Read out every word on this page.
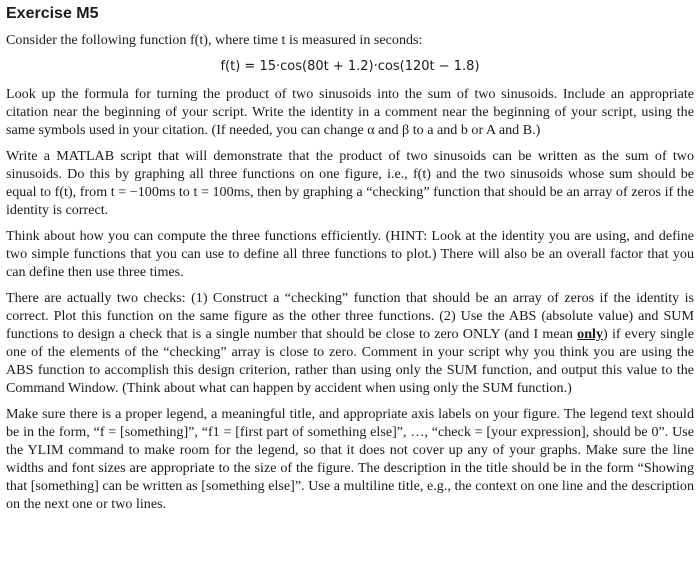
Exercise M5

Consider the following function f(t), where time t is measured in seconds:

f(t) = 15·cos(80t + 1.2)·cos(120t − 1.8)

Look up the formula for turning the product of two sinusoids into the sum of two sinusoids. Include an appropriate citation near the beginning of your script. Write the identity in a comment near the beginning of your script, using the same symbols used in your citation. (If needed, you can change α and β to a and b or A and B.)

Write a MATLAB script that will demonstrate that the product of two sinusoids can be written as the sum of two sinusoids. Do this by graphing all three functions on one figure, i.e., f(t) and the two sinusoids whose sum should be equal to f(t), from t = −100ms to t = 100ms, then by graphing a “checking” function that should be an array of zeros if the identity is correct.

Think about how you can compute the three functions efficiently. (HINT: Look at the identity you are using, and define two simple functions that you can use to define all three functions to plot.) There will also be an overall factor that you can define then use three times.

There are actually two checks: (1) Construct a “checking” function that should be an array of zeros if the identity is correct. Plot this function on the same figure as the other three functions. (2) Use the ABS (absolute value) and SUM functions to design a check that is a single number that should be close to zero ONLY (and I mean only) if every single one of the elements of the “checking” array is close to zero. Comment in your script why you think you are using the ABS function to accomplish this design criterion, rather than using only the SUM function, and output this value to the Command Window. (Think about what can happen by accident when using only the SUM function.)

Make sure there is a proper legend, a meaningful title, and appropriate axis labels on your figure. The legend text should be in the form, “f = [something]”, “f1 = [first part of something else]”, …, “check = [your expression], should be 0”. Use the YLIM command to make room for the legend, so that it does not cover up any of your graphs. Make sure the line widths and font sizes are appropriate to the size of the figure. The description in the title should be in the form “Showing that [something] can be written as [something else]”. Use a multiline title, e.g., the context on one line and the description on the next one or two lines.
